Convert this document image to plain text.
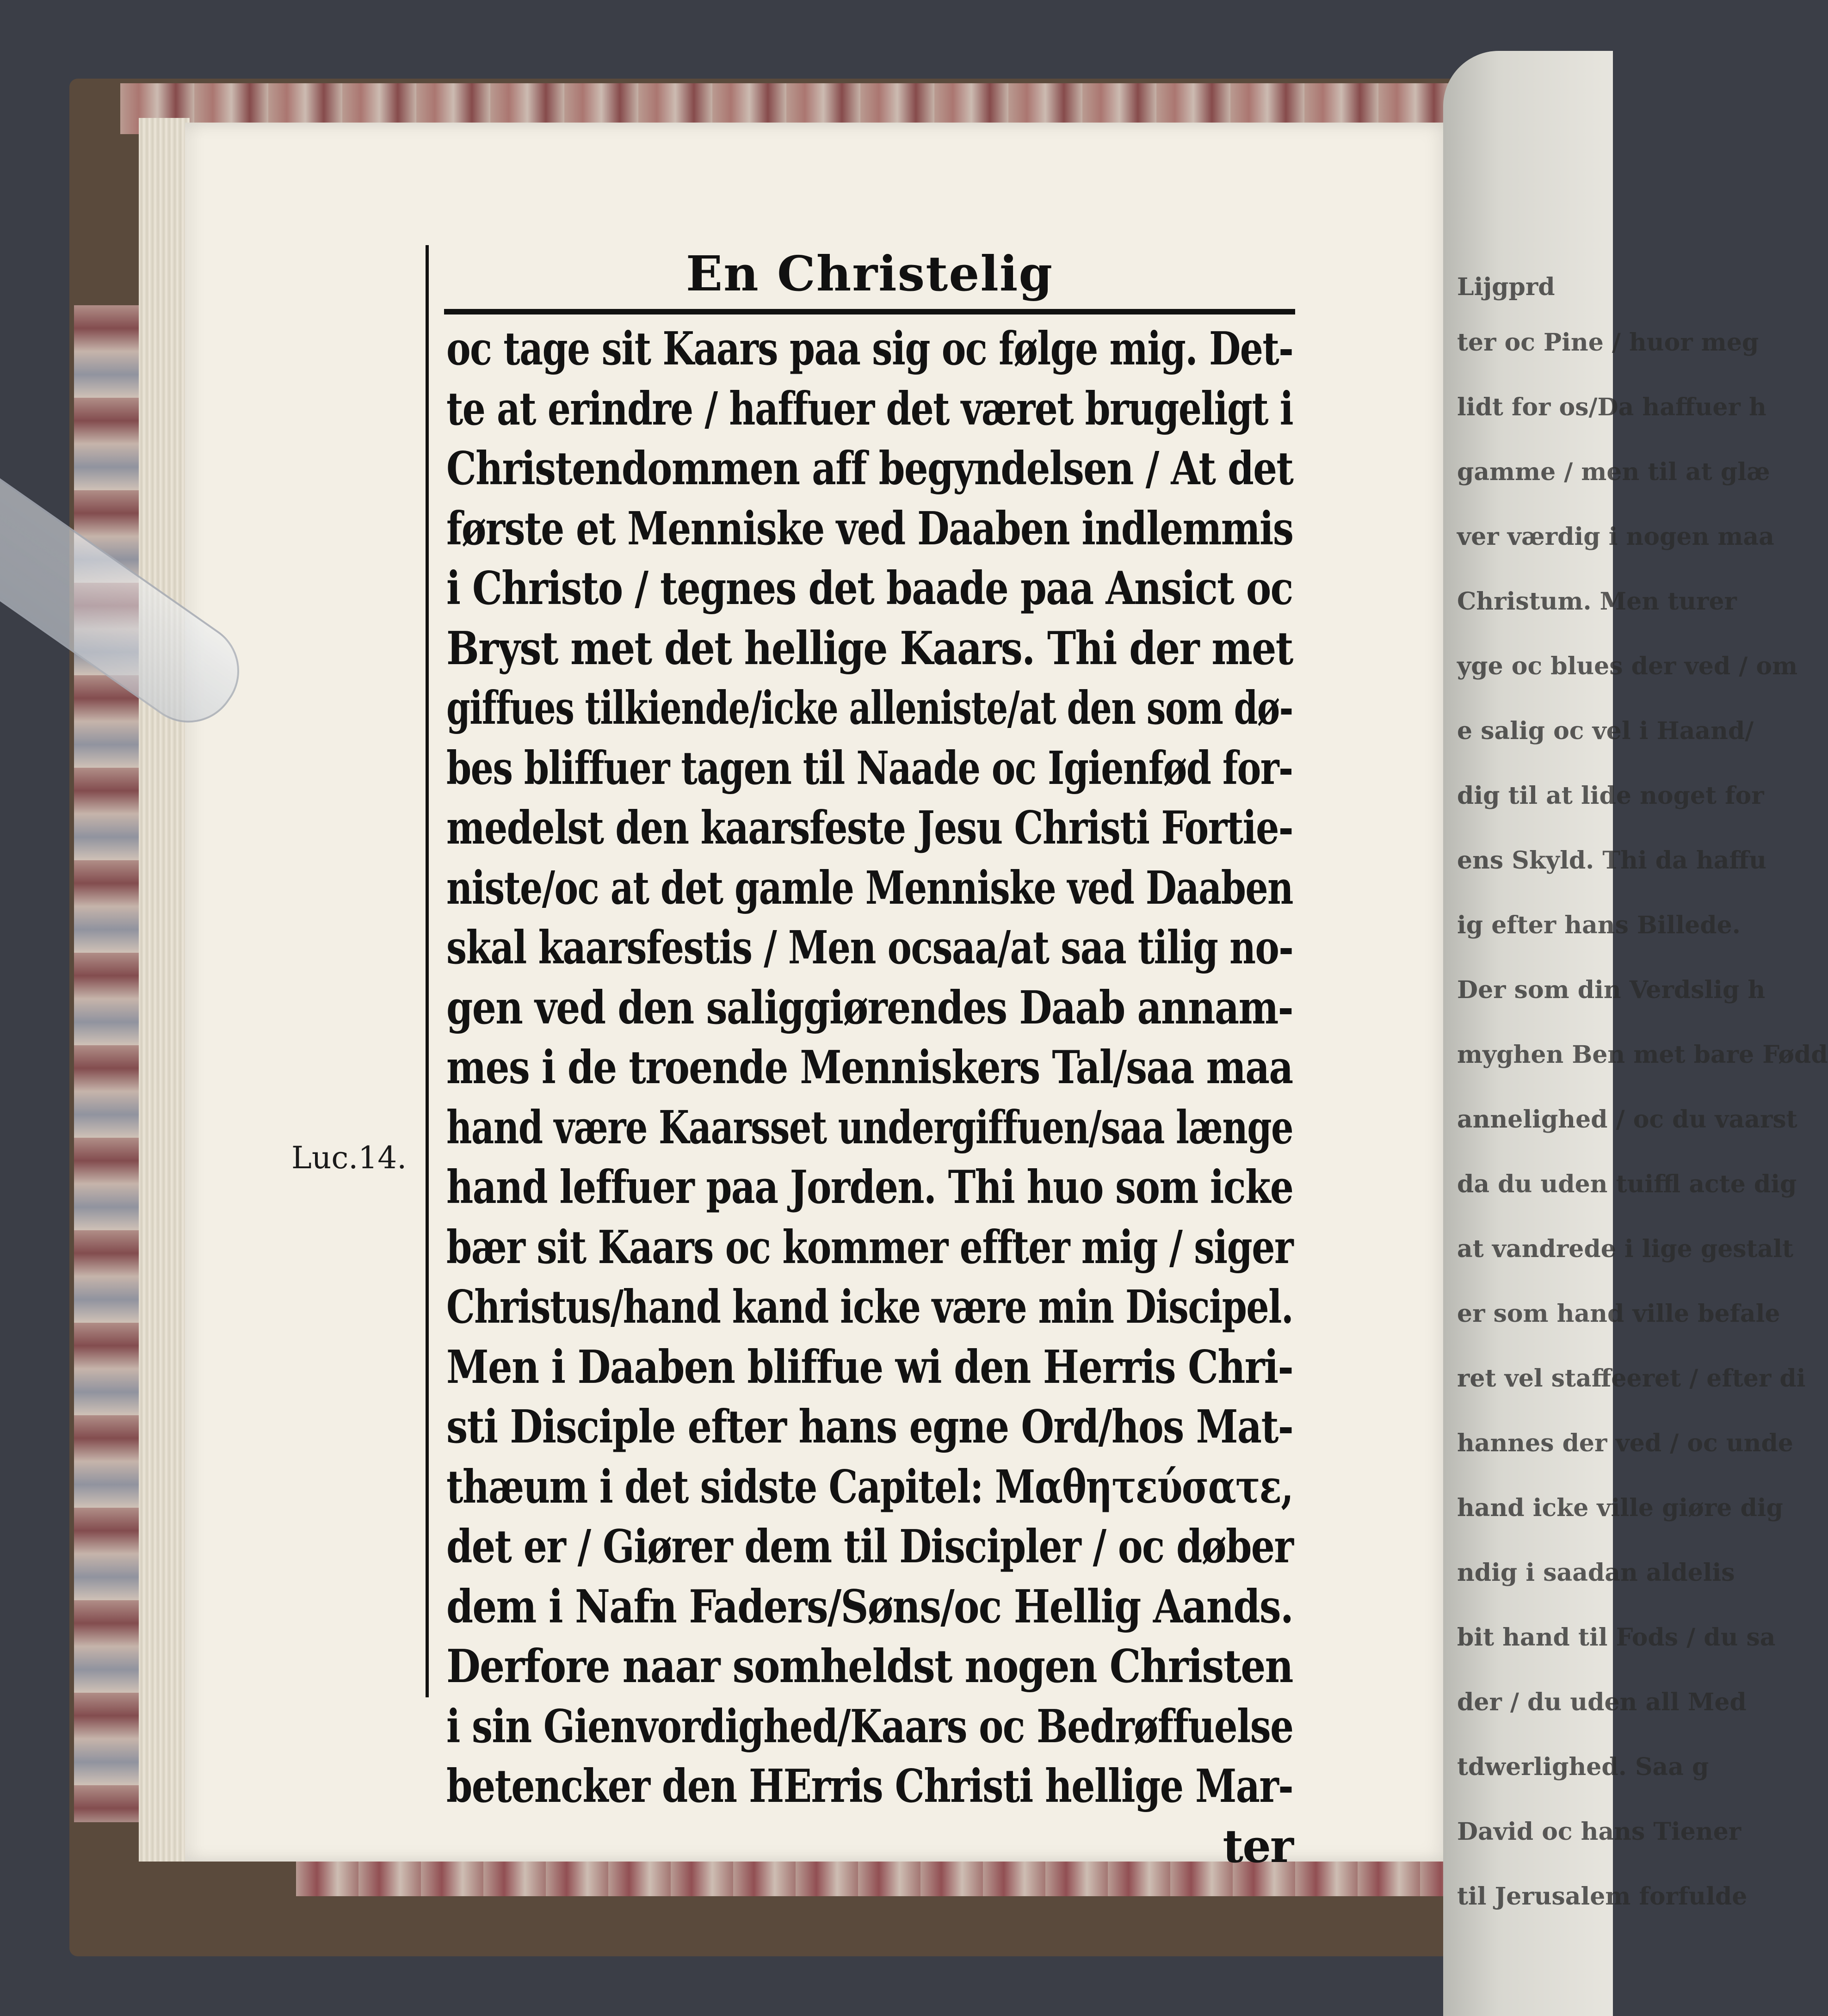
En Christelig
Luc.14.
oc tage sit Kaars paa sig oc følge mig. Det-
te at erindre / haffuer det været brugeligt i
Christendommen aff begyndelsen / At det
første et Menniske ved Daaben indlemmis
i Christo / tegnes det baade paa Ansict oc
Bryst met det hellige Kaars. Thi der met
giffues tilkiende/icke alleniste/at den som dø-
bes bliffuer tagen til Naade oc Igienfød for-
medelst den kaarsfeste Jesu Christi Fortie-
niste/oc at det gamle Menniske ved Daaben
skal kaarsfestis / Men ocsaa/at saa tilig no-
gen ved den saliggiørendes Daab annam-
mes i de troende Menniskers Tal/saa maa
hand være Kaarsset undergiffuen/saa længe
hand leffuer paa Jorden. Thi huo som icke
bær sit Kaars oc kommer effter mig / siger
Christus/hand kand icke være min Discipel.
Men i Daaben bliffue wi den Herris Chri-
sti Disciple efter hans egne Ord/hos Mat-
thæum i det sidste Capitel: Μαθητεύσατε,
det er / Giører dem til Discipler / oc døber
dem i Nafn Faders/Søns/oc Hellig Aands.
Derfore naar somheldst nogen Christen
i sin Gienvordighed/Kaars oc Bedrøffuelse
betencker den HErris Christi hellige Mar-
ter
Lijgprd
ter oc Pine / huor meg
lidt for os/Da haffuer h
gamme / men til at glæ
ver værdig i nogen maa
Christum. Men turer
yge oc blues der ved / om
e salig oc vel i Haand/
dig til at lide noget for
ens Skyld. Thi da haffu
ig efter hans Billede.
Der som din Verdslig h
myghen Ben met bare Fødd
annelighed / oc du vaarst
da du uden tuiffl acte dig
at vandrede i lige gestalt
er som hand ville befale
ret vel staffeeret / efter di
hannes der ved / oc unde
hand icke ville giøre dig
ndig i saadan aldelis
bit hand til Fods / du sa
der / du uden all Med
tdwerlighed. Saa g
David oc hans Tiener
til Jerusalem forfulde
